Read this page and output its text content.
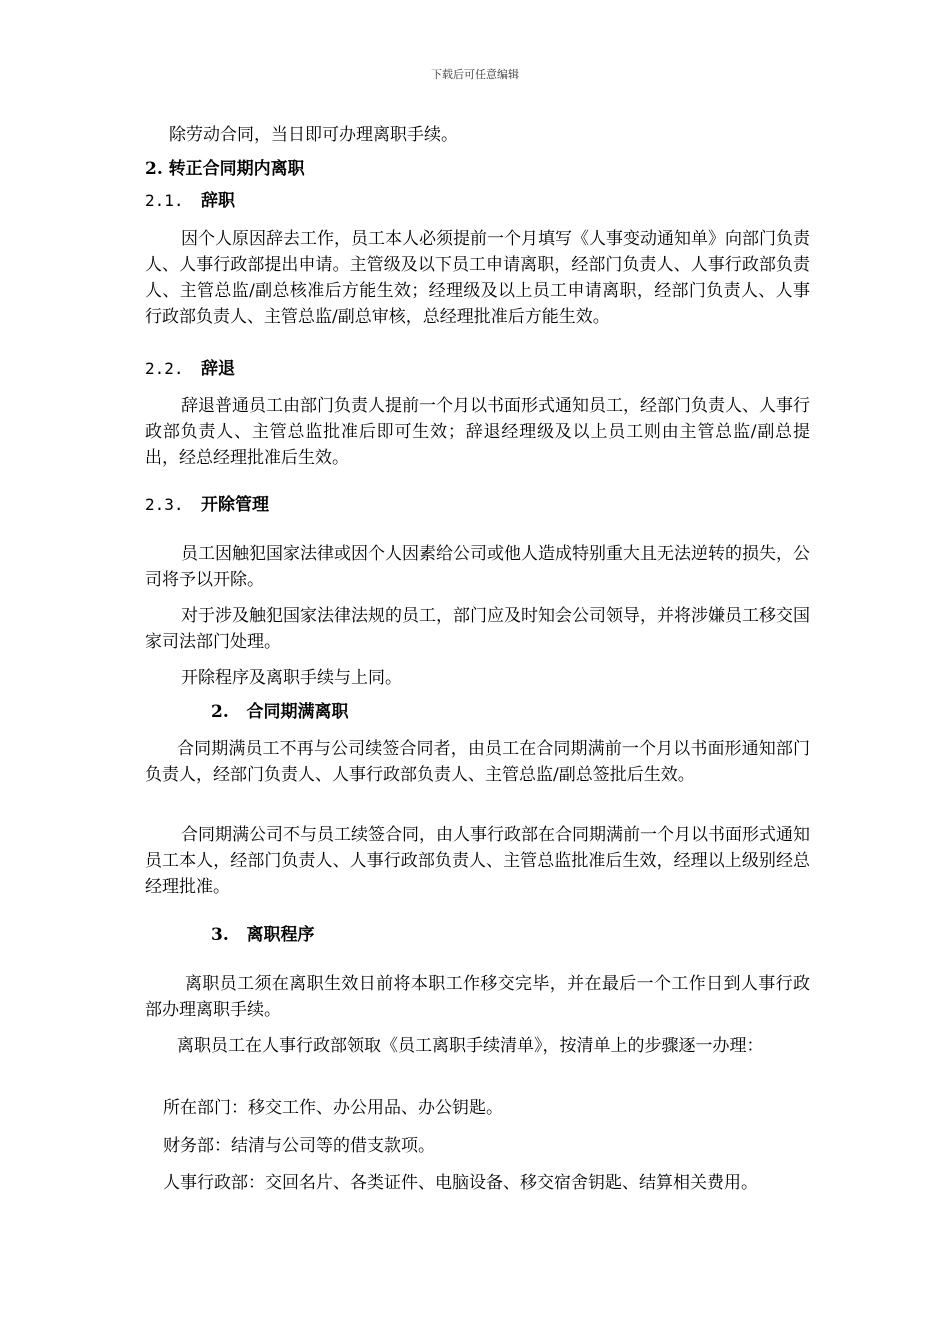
下载后可任意编辑
除劳动合同，当日即可办理离职手续。
2. 转正合同期内离职
2.1. 辞职
因个人原因辞去工作，员工本人必须提前一个月填写《人事变动通知单》向部门负责人、人事行政部提出申请。主管级及以下员工申请离职，经部门负责人、人事行政部负责人、主管总监/副总核准后方能生效；经理级及以上员工申请离职，经部门负责人、人事行政部负责人、主管总监/副总审核，总经理批准后方能生效。
2.2. 辞退
辞退普通员工由部门负责人提前一个月以书面形式通知员工，经部门负责人、人事行政部负责人、主管总监批准后即可生效；辞退经理级及以上员工则由主管总监/副总提出，经总经理批准后生效。
2.3. 开除管理
员工因触犯国家法律或因个人因素给公司或他人造成特别重大且无法逆转的损失，公司将予以开除。
对于涉及触犯国家法律法规的员工，部门应及时知会公司领导，并将涉嫌员工移交国家司法部门处理。
开除程序及离职手续与上同。
2.   合同期满离职
合同期满员工不再与公司续签合同者，由员工在合同期满前一个月以书面形通知部门负责人，经部门负责人、人事行政部负责人、主管总监/副总签批后生效。
合同期满公司不与员工续签合同，由人事行政部在合同期满前一个月以书面形式通知员工本人，经部门负责人、人事行政部负责人、主管总监批准后生效，经理以上级别经总经理批准。
3.   离职程序
离职员工须在离职生效日前将本职工作移交完毕，并在最后一个工作日到人事行政部办理离职手续。
离职员工在人事行政部领取《员工离职手续清单》，按清单上的步骤逐一办理：
所在部门：移交工作、办公用品、办公钥匙。
财务部：结清与公司等的借支款项。
人事行政部：交回名片、各类证件、电脑设备、移交宿舍钥匙、结算相关费用。
